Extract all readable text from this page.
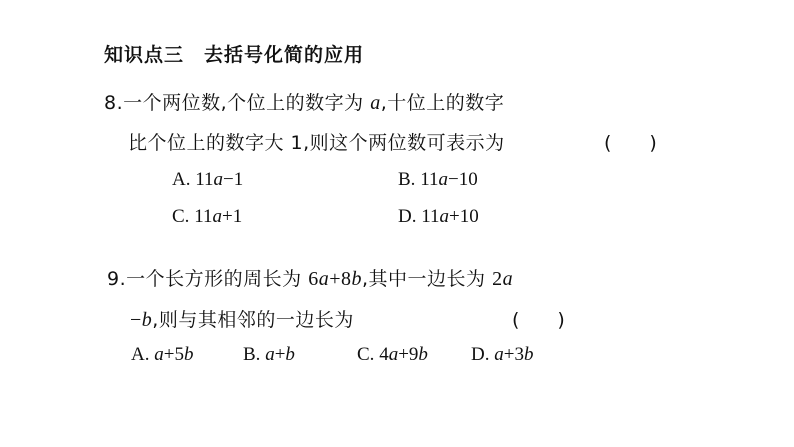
知识点三　去括号化简的应用
8.一个两位数,个位上的数字为 a,十位上的数字
比个位上的数字大 1,则这个两位数可表示为	(　　)
A. 11a−1	B. 11a−10
C. 11a+1	D. 11a+10
9.一个长方形的周长为 6a+8b,其中一边长为 2a
−b,则与其相邻的一边长为	(　　)
A. a+5b	B. a+b	C. 4a+9b D. a+3b
